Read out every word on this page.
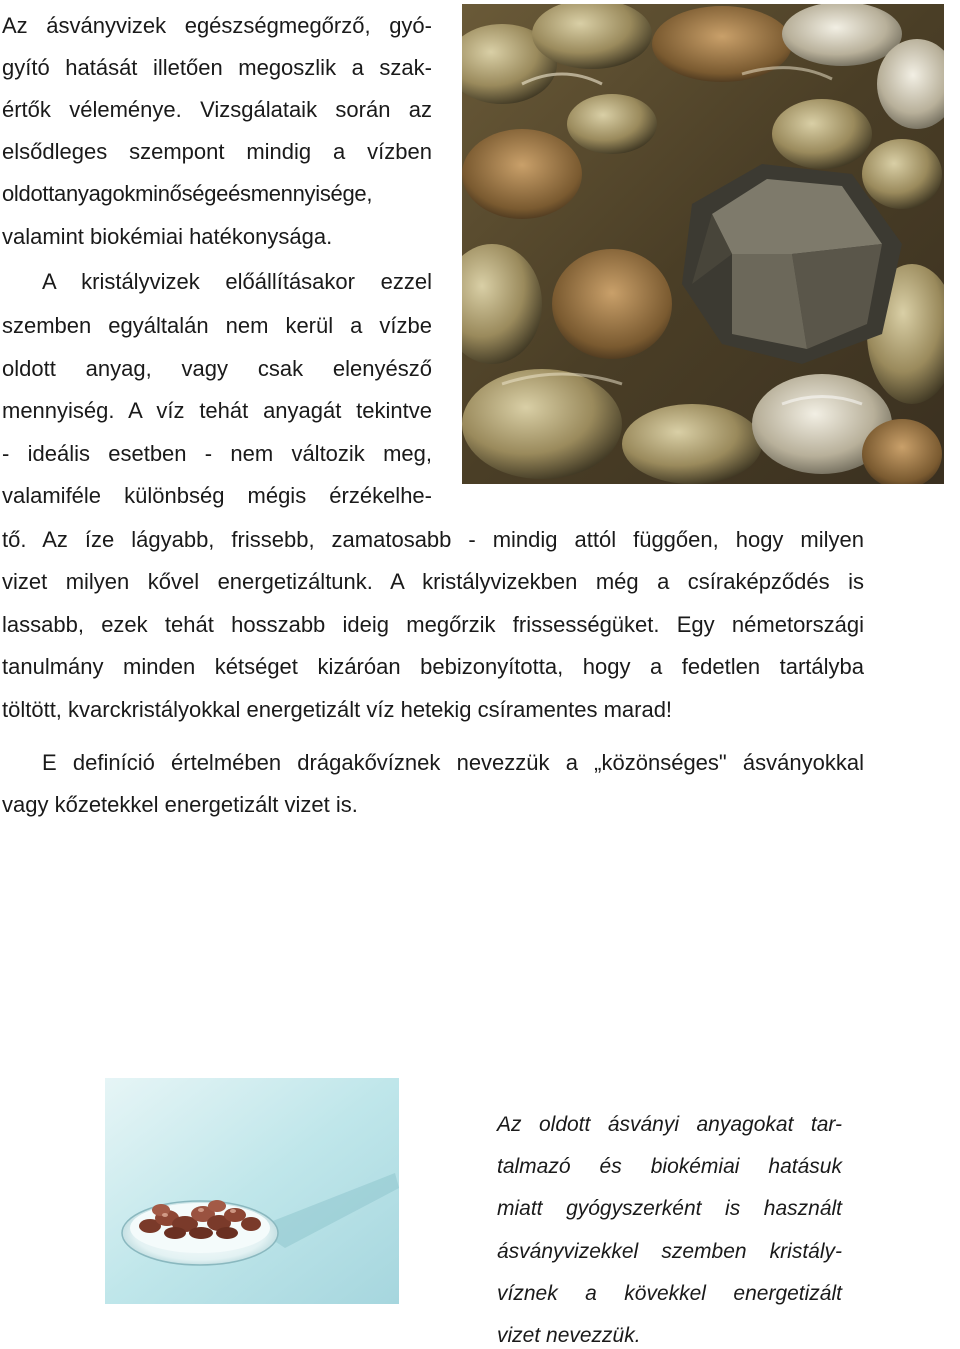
Az ásványvizek egészségmegőrző, gyó-
gyító hatását illetően megoszlik a szak-
értők véleménye. Vizsgálataik során az
elsődleges szempont mindig a vízben
oldottanyagokminőségeésmennyisége,
valamint biokémiai hatékonysága.
A kristályvizek előállításakor ezzel
szemben egyáltalán nem kerül a vízbe
oldott anyag, vagy csak elenyésző
mennyiség. A víz tehát anyagát tekintve
- ideális esetben - nem változik meg,
valamiféle különbség mégis érzékelhe-
tő. Az íze lágyabb, frissebb, zamatosabb - mindig attól függően, hogy milyen
vizet milyen kővel energetizáltunk. A kristályvizekben még a csíraképződés is
lassabb, ezek tehát hosszabb ideig megőrzik frissességüket. Egy németországi
tanulmány minden kétséget kizáróan bebizonyította, hogy a fedetlen tartályba
töltött, kvarckristályokkal energetizált víz hetekig csíramentes marad!
E definíció értelmében drágakővíznek nevezzük a „közönséges" ásványokkal
vagy kőzetekkel energetizált vizet is.
Az oldott ásványi anyagokat tar-
talmazó és biokémiai hatásuk
miatt gyógyszerként is használt
ásványvizekkel szemben kristály-
víznek a kövekkel energetizált
vizet nevezzük.
